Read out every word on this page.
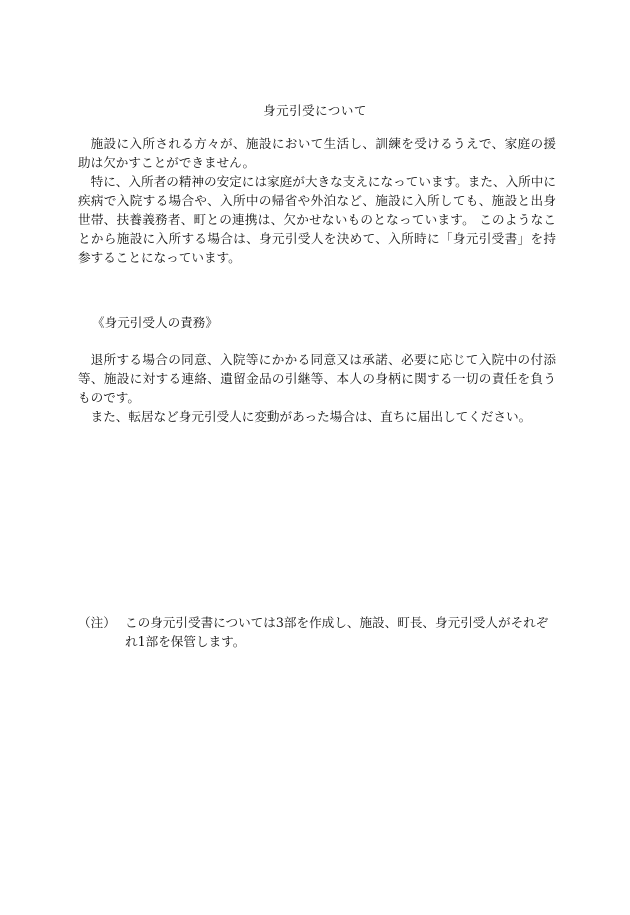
身元引受について

施設に入所される方々が、施設において生活し、訓練を受けるうえで、家庭の援助は欠かすことができません。

特に、入所者の精神の安定には家庭が大きな支えになっています。また、入所中に疾病で入院する場合や、入所中の帰省や外泊など、施設に入所しても、施設と出身世帯、扶養義務者、町との連携は、欠かせないものとなっています。 このようなことから施設に入所する場合は、身元引受人を決めて、入所時に「身元引受書」を持参することになっています。

《身元引受人の責務》

退所する場合の同意、入院等にかかる同意又は承諾、必要に応じて入院中の付添等、施設に対する連絡、遺留金品の引継等、本人の身柄に関する一切の責任を負うものです。

また、転居など身元引受人に変動があった場合は、直ちに届出してください。

（注） この身元引受書については3部を作成し、施設、町長、身元引受人がそれぞれ1部を保管します。
